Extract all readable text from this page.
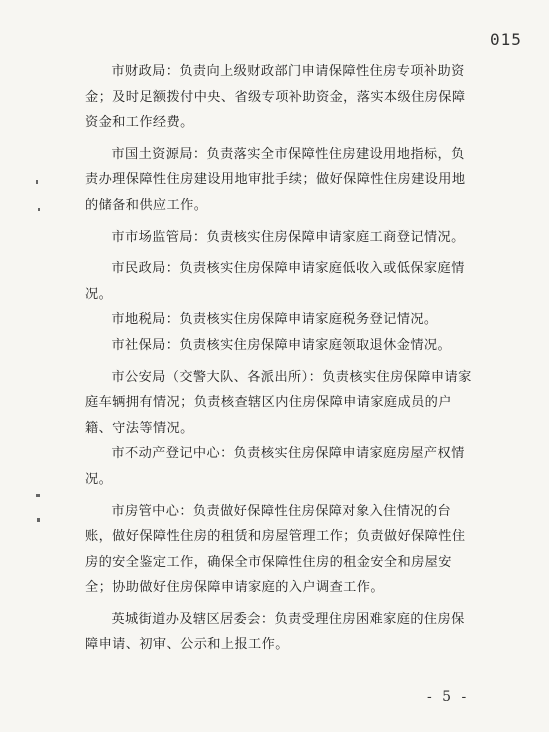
015

市财政局：负责向上级财政部门申请保障性住房专项补助资金；及时足额拨付中央、省级专项补助资金，落实本级住房保障资金和工作经费。

市国土资源局：负责落实全市保障性住房建设用地指标，负责办理保障性住房建设用地审批手续；做好保障性住房建设用地的储备和供应工作。

市市场监管局：负责核实住房保障申请家庭工商登记情况。

市民政局：负责核实住房保障申请家庭低收入或低保家庭情况。

市地税局：负责核实住房保障申请家庭税务登记情况。

市社保局：负责核实住房保障申请家庭领取退休金情况。

市公安局（交警大队、各派出所）：负责核实住房保障申请家庭车辆拥有情况；负责核查辖区内住房保障申请家庭成员的户籍、守法等情况。

市不动产登记中心：负责核实住房保障申请家庭房屋产权情况。

市房管中心：负责做好保障性住房保障对象入住情况的台账，做好保障性住房的租赁和房屋管理工作；负责做好保障性住房的安全鉴定工作，确保全市保障性住房的租金安全和房屋安全；协助做好住房保障申请家庭的入户调查工作。

英城街道办及辖区居委会：负责受理住房困难家庭的住房保障申请、初审、公示和上报工作。

- 5 -
